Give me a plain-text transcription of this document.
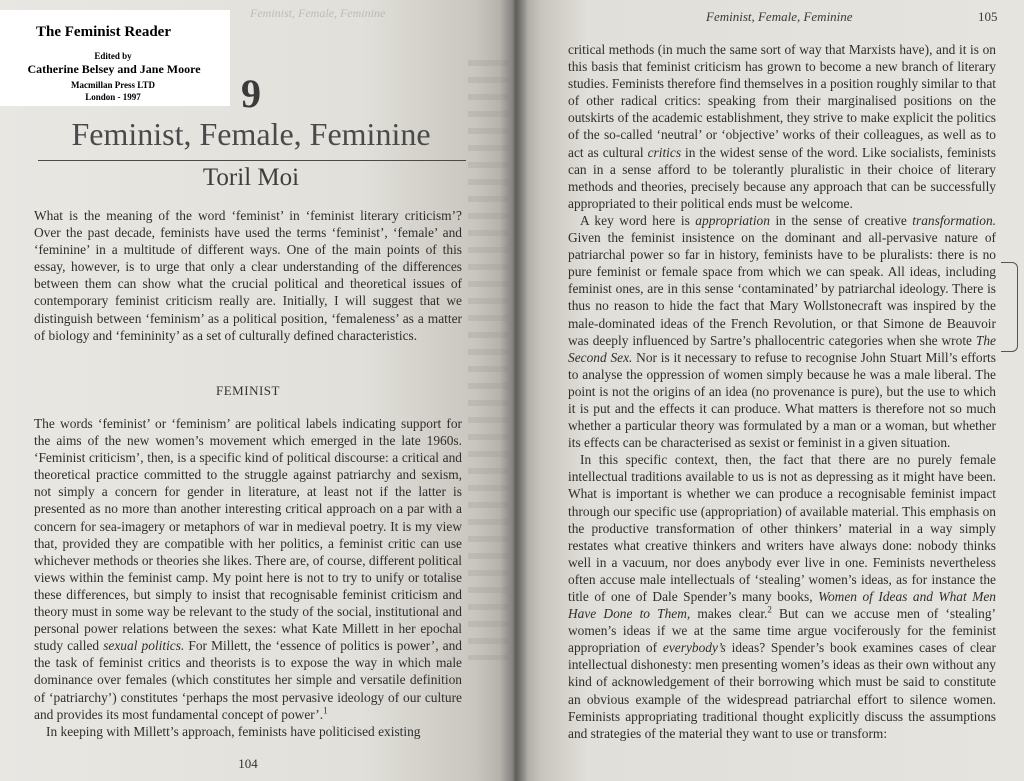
Feminist, Female, Feminine
The Feminist Reader
Edited by
Catherine Belsey and Jane Moore
Macmillan Press LTD
London - 1997	9
Feminist, Female, Feminine
Toril Moi
What is the meaning of the word ‘feminist’ in ‘feminist literary criticism’? Over the past decade, feminists have used the terms ‘feminist’, ‘female’ and ‘feminine’ in a multitude of different ways. One of the main points of this essay, however, is to urge that only a clear understanding of the differences between them can show what the crucial political and theoretical issues of contemporary feminist criticism really are. Initially, I will suggest that we distinguish between ‘feminism’ as a political position, ‘femaleness’ as a matter of biology and ‘femininity’ as a set of culturally defined characteristics.
FEMINIST

The words ‘feminist’ or ‘feminism’ are political labels indicating support for the aims of the new women’s movement which emerged in the late 1960s. ‘Feminist criticism’, then, is a specific kind of political discourse: a critical and theoretical practice committed to the struggle against patriarchy and sexism, not simply a concern for gender in literature, at least not if the latter is presented as no more than another interesting critical approach on a par with a concern for sea-imagery or metaphors of war in medieval poetry. It is my view that, provided they are compatible with her politics, a feminist critic can use whichever methods or theories she likes. There are, of course, different political views within the feminist camp. My point here is not to try to unify or totalise these differences, but simply to insist that recognisable feminist criticism and theory must in some way be relevant to the study of the social, institutional and personal power relations between the sexes: what Kate Millett in her epochal study called sexual politics. For Millett, the ‘essence of politics is power’, and the task of feminist critics and theorists is to expose the way in which male dominance over females (which constitutes her simple and versatile definition of ‘patriarchy’) constitutes ‘perhaps the most pervasive ideology of our culture and provides its most fundamental concept of power’.$^1$

In keeping with Millett’s approach, feminists have politicised existing

104
Feminist, Female, Feminine	105

critical methods (in much the same sort of way that Marxists have), and it is on this basis that feminist criticism has grown to become a new branch of literary studies. Feminists therefore find themselves in a position roughly similar to that of other radical critics: speaking from their marginalised positions on the outskirts of the academic establishment, they strive to make explicit the politics of the so-called ‘neutral’ or ‘objective’ works of their colleagues, as well as to act as cultural critics in the widest sense of the word. Like socialists, feminists can in a sense afford to be tolerantly pluralistic in their choice of literary methods and theories, precisely because any approach that can be successfully appropriated to their political ends must be welcome.

A key word here is appropriation in the sense of creative transformation. Given the feminist insistence on the dominant and all-pervasive nature of patriarchal power so far in history, feminists have to be pluralists: there is no pure feminist or female space from which we can speak. All ideas, including feminist ones, are in this sense ‘contaminated’ by patriarchal ideology. There is thus no reason to hide the fact that Mary Wollstonecraft was inspired by the male-dominated ideas of the French Revolution, or that Simone de Beauvoir was deeply influenced by Sartre’s phallocentric categories when she wrote The Second Sex. Nor is it necessary to refuse to recognise John Stuart Mill’s efforts to analyse the oppression of women simply because he was a male liberal. The point is not the origins of an idea (no provenance is pure), but the use to which it is put and the effects it can produce. What matters is therefore not so much whether a particular theory was formulated by a man or a woman, but whether its effects can be characterised as sexist or feminist in a given situation.

In this specific context, then, the fact that there are no purely female intellectual traditions available to us is not as depressing as it might have been. What is important is whether we can produce a recognisable feminist impact through our specific use (appropriation) of available material. This emphasis on the productive transformation of other thinkers’ material in a way simply restates what creative thinkers and writers have always done: nobody thinks well in a vacuum, nor does anybody ever live in one. Feminists nevertheless often accuse male intellectuals of ‘stealing’ women’s ideas, as for instance the title of one of Dale Spender’s many books, Women of Ideas and What Men Have Done to Them, makes clear.$^2$ But can we accuse men of ‘stealing’ women’s ideas if we at the same time argue vociferously for the feminist appropriation of everybody’s ideas? Spender’s book examines cases of clear intellectual dishonesty: men presenting women’s ideas as their own without any kind of acknowledgement of their borrowing which must be said to constitute an obvious example of the widespread patriarchal effort to silence women. Feminists appropriating traditional thought explicitly discuss the assumptions and strategies of the material they want to use or transform:
